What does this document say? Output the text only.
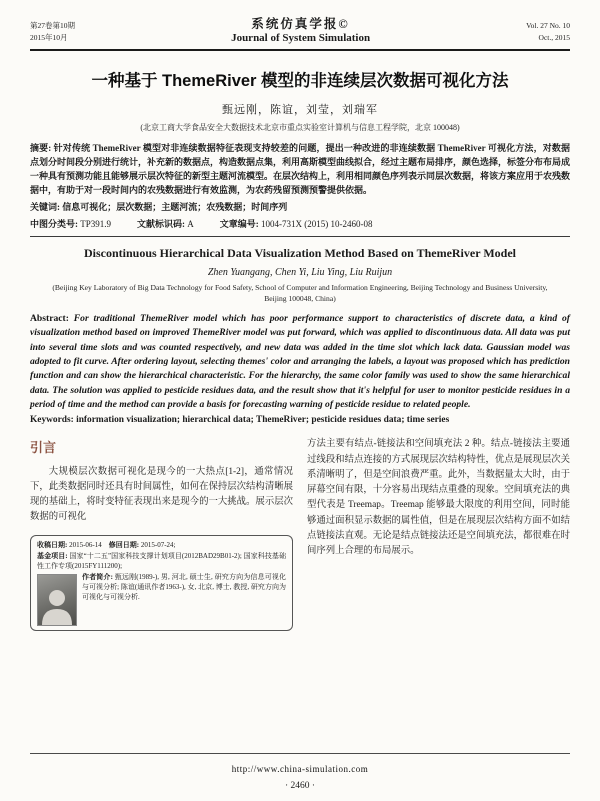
第27卷第10期
2015年10月
系统仿真学报©
Journal of System Simulation
Vol. 27 No. 10
Oct., 2015
一种基于 ThemeRiver 模型的非连续层次数据可视化方法
甄远刚，陈谊，刘莹，刘瑞军
(北京工商大学食品安全大数据技术北京市重点实验室计算机与信息工程学院，北京 100048)
摘要: 针对传统 ThemeRiver 模型对非连续数据特征表现支持较差的问题，提出一种改进的非连续数据 ThemeRiver 可视化方法，对数据点划分时间段分别进行统计，补充新的数据点，构造数据点集，利用高斯模型曲线拟合，经过主题布局排序，颜色选择，标签分布布局成一种具有预测功能且能够展示层次特征的新型主题河流模型。在层次结构上，利用相同颜色序列表示同层次数据，将该方案应用于农残数据中，有助于对一段时间内的农残数据进行有效监测，为农药残留预测预警提供依据。
关键词: 信息可视化；层次数据；主题河流；农残数据；时间序列
中图分类号: TP391.9	文献标识码: A	文章编号: 1004-731X (2015) 10-2460-08
Discontinuous Hierarchical Data Visualization Method Based on ThemeRiver Model
Zhen Yuangang, Chen Yi, Liu Ying, Liu Ruijun
(Beijing Key Laboratory of Big Data Technology for Food Safety, School of Computer and Information Engineering, Beijing Technology and Business University, Beijing 100048, China)
Abstract: For traditional ThemeRiver model which has poor performance support to characteristics of discrete data, a kind of visualization method based on improved ThemeRiver model was put forward, which was applied to discontinuous data. All data was put into several time slots and was counted respectively, and new data was added in the time slot which lack data. Gaussian model was adopted to fit curve. After ordering layout, selecting themes' color and arranging the labels, a layout was proposed which has prediction function and can show the hierarchical characteristic. For the hierarchy, the same color family was used to show the same hierarchical data. The solution was applied to pesticide residues data, and the result show that it's helpful for user to monitor pesticide residues in a period of time and the method can provide a basis for forecasting warning of pesticide residue to related people.
Keywords: information visualization; hierarchical data; ThemeRiver; pesticide residues data; time series
引言
大规模层次数据可视化是现今的一大热点[1-2]，通常情况下，此类数据同时还具有时间属性，如何在保持层次结构清晰展现的基础上，将时变特征表现出来是现今的一大挑战。展示层次数据的可视化
收稿日期: 2015-06-14 修回日期: 2015-07-24;
基金项目: 国家“十二五”国家科技支撑计划项目(2012BAD29B01-2); 国家科技基础性工作专项(2015FY111200);
作者简介: 甄远刚(1989-), 男, 河北, 硕士生, 研究方向为信息可视化与可视分析; 陈谊(通讯作者1963-), 女, 北京, 博士, 教授, 研究方向为可视化与可视分析.
方法主要有结点-链接法和空间填充法 2 种。结点-链接法主要通过线段和结点连接的方式展现层次结构特性，优点是展现层次关系清晰明了，但是空间浪费严重。此外，当数据量太大时，由于屏幕空间有限，十分容易出现结点重叠的现象。空间填充法的典型代表是 Treemap。Treemap 能够最大限度的利用空间，同时能够通过面积显示数据的属性值，但是在展现层次结构方面不如结点链接法直观。无论是结点链接法还是空间填充法，都很难在时间序列上合理的布局展示。
http://www.china-simulation.com
· 2460 ·
